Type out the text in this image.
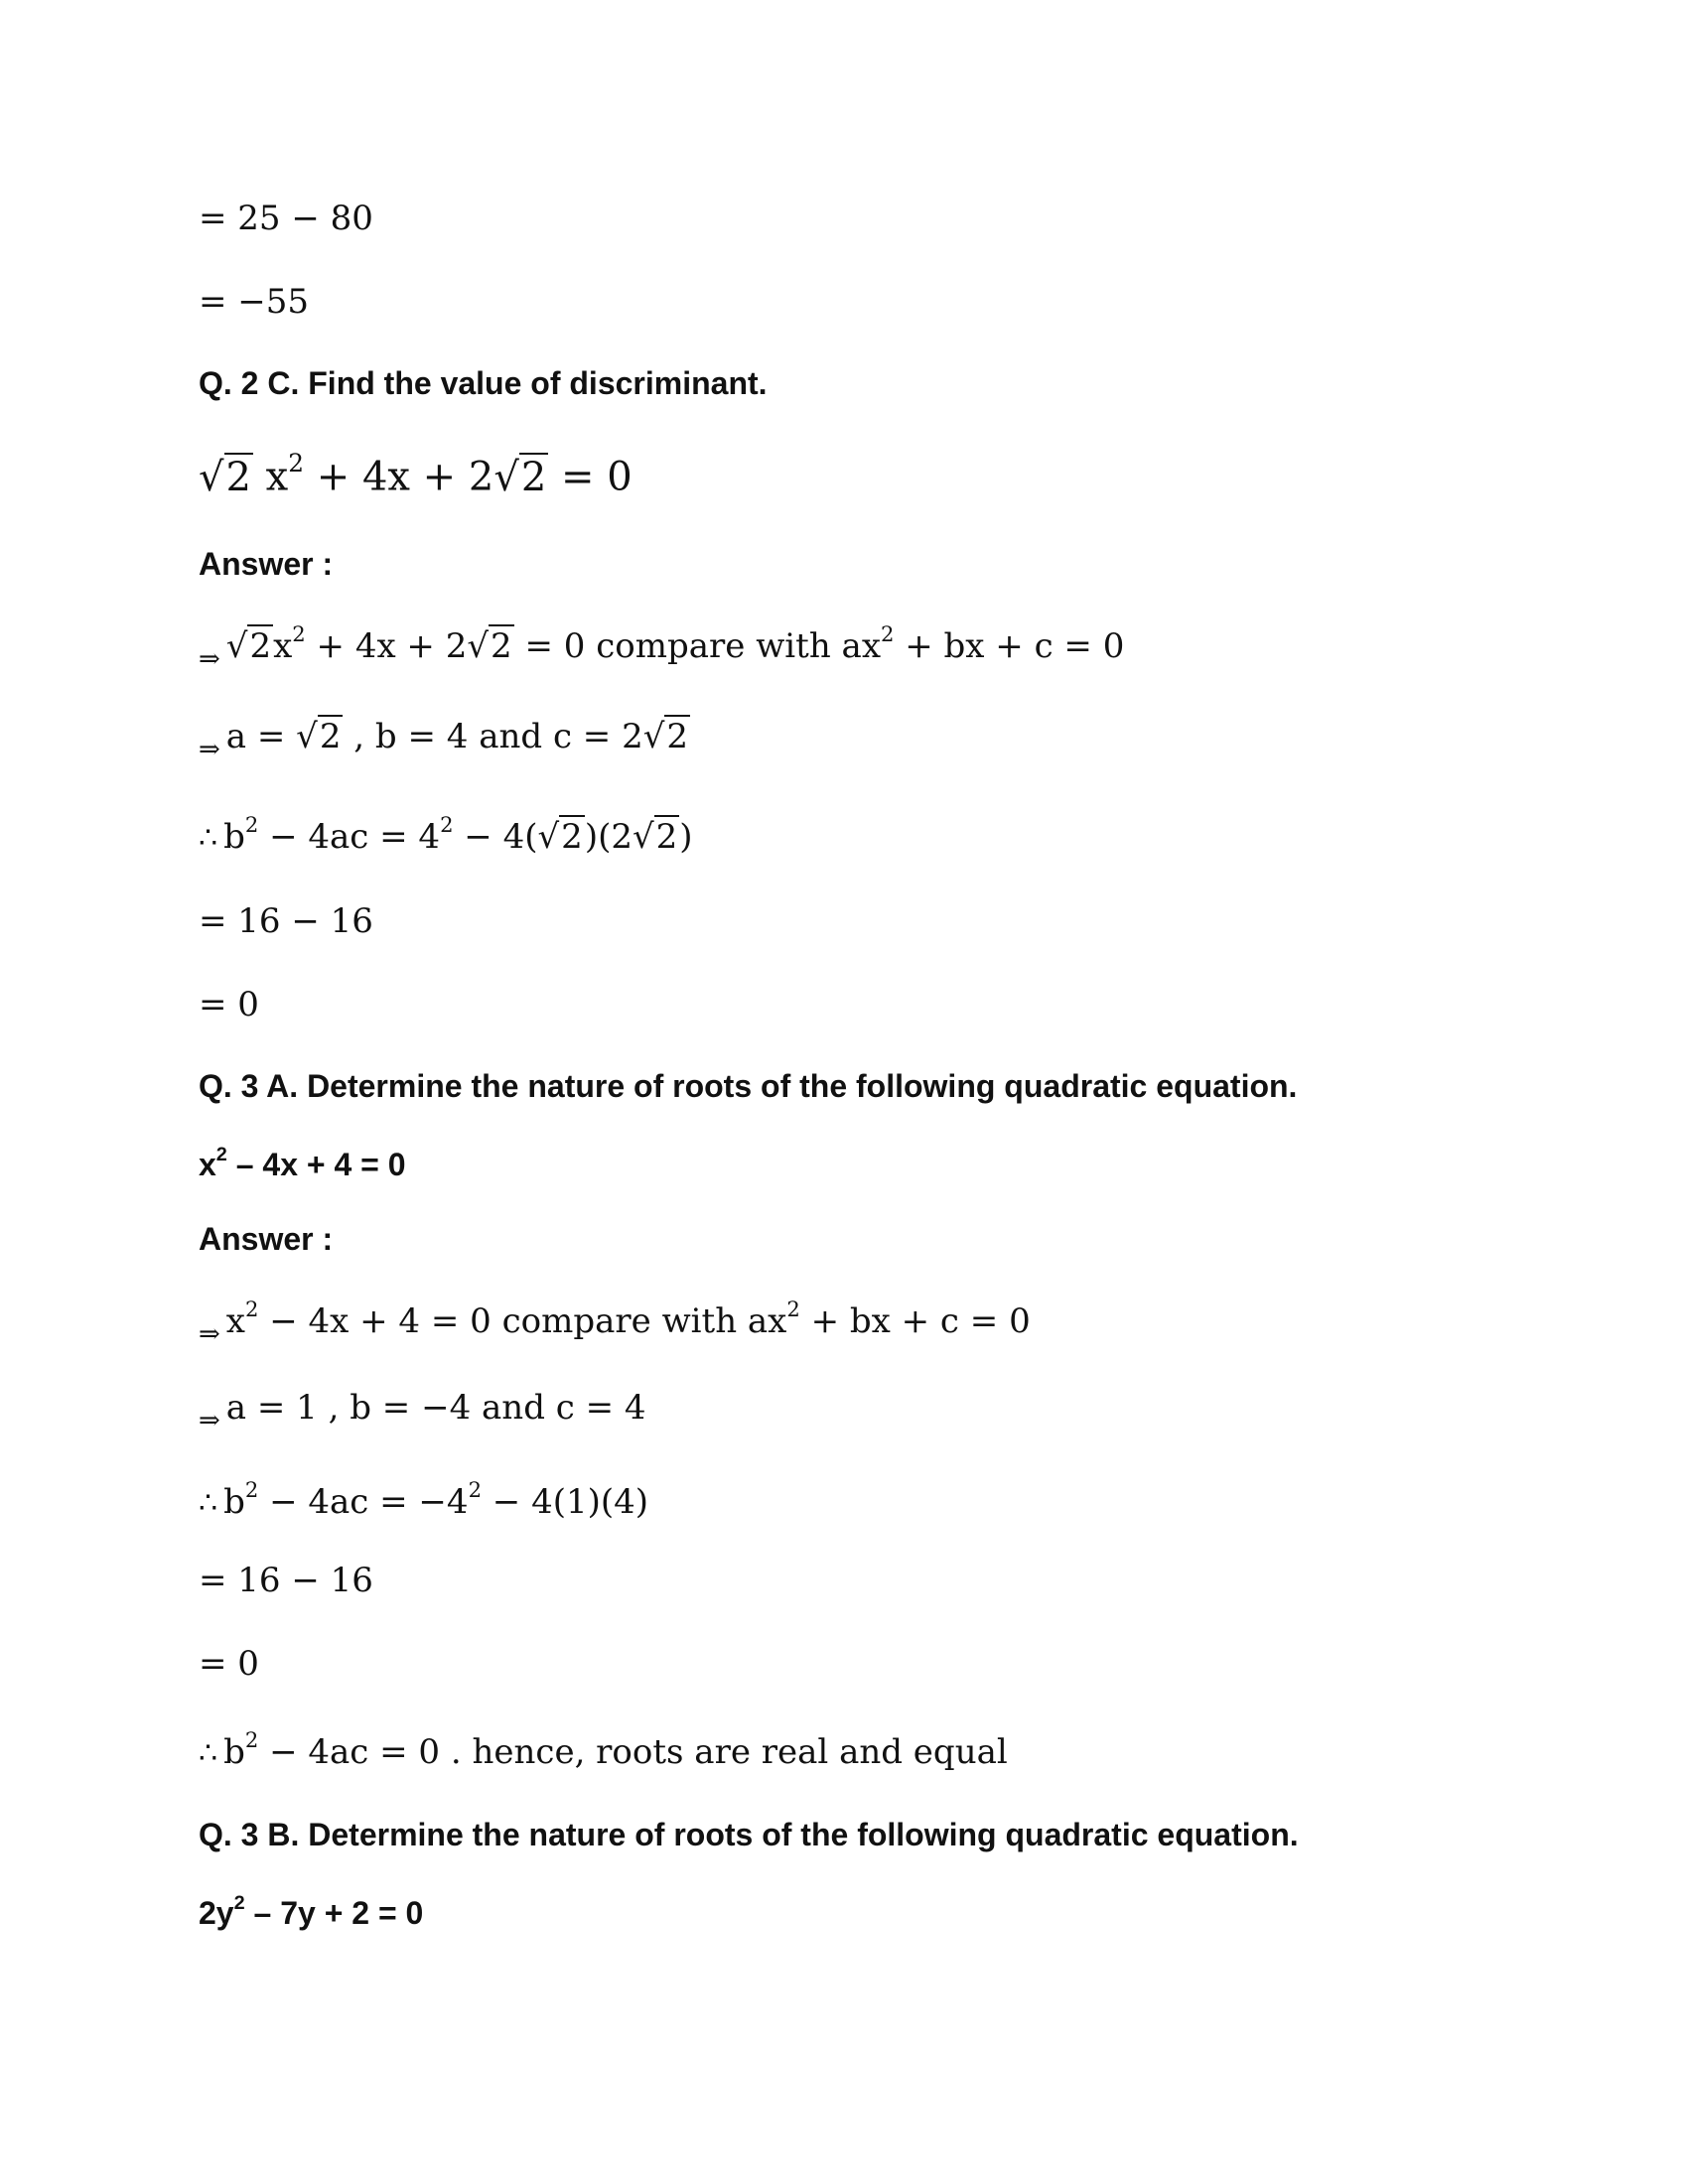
= 25 − 80
= −55
Q. 2 C. Find the value of discriminant.
√2 $x^2 + 4x + 2√2 = 0$
Answer :
⇒ $√2x^2 + 4x + 2√2 = 0$ compare with $ax^2$ + bx + c = 0
⇒ a = √2 , b = 4 and c = 2√2
∴ $b^2 - 4ac = 4^2 - 4(√2)(2√2)$
= 16 − 16
= 0
Q. 3 A. Determine the nature of roots of the following quadratic equation.
$x^2 - 4x + 4 = 0$
Answer :
⇒ $x^2 - 4x + 4 = 0$ compare with $ax^2$ + bx + c = 0
⇒ a = 1 , b = −4 and c = 4
∴ $b^2 - 4ac = -4^2 - 4(1)(4)$
= 16 − 16
= 0
∴ $b^2 - 4ac = 0$ . hence, roots are real and equal
Q. 3 B. Determine the nature of roots of the following quadratic equation.
$2y^2 - 7y + 2 = 0$
